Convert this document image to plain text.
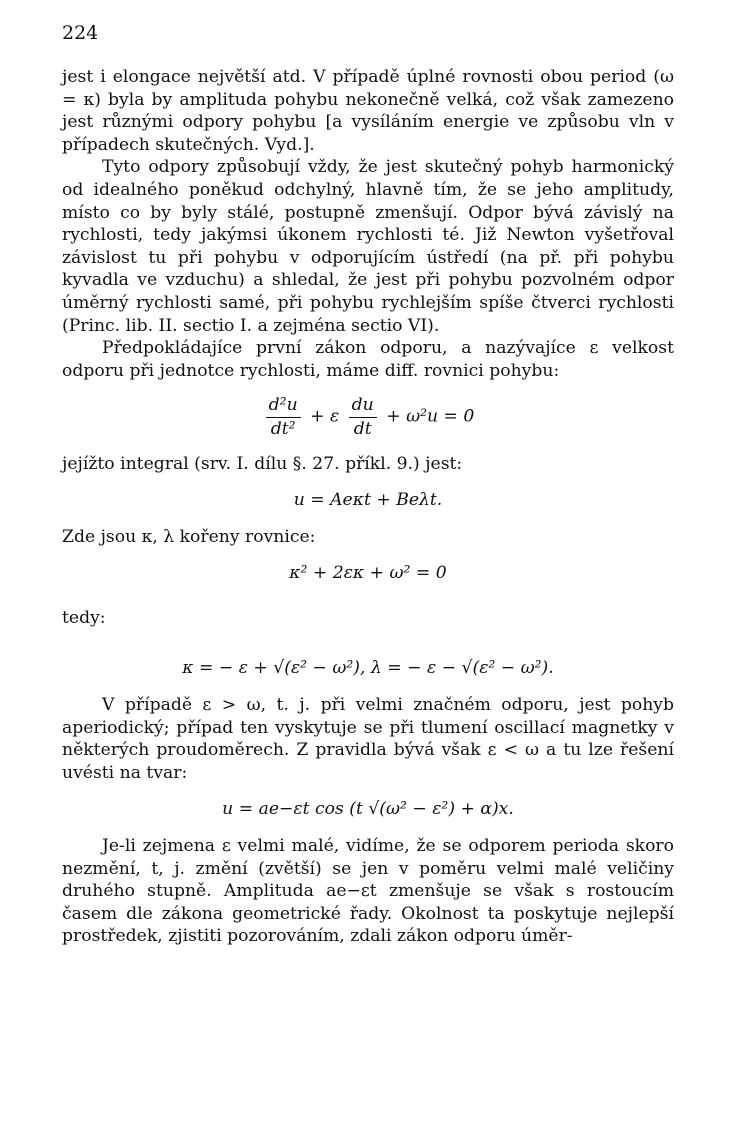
224

jest i elongace největší atd. V případě úplné rovnosti obou period (ω = κ) byla by amplituda pohybu nekonečně velká, což však zamezeno jest různými odpory pohybu [a vysíláním energie ve způsobu vln v případech skutečných. Vyd.].

Tyto odpory způsobují vždy, že jest skutečný pohyb harmonický od idealného poněkud odchylný, hlavně tím, že se jeho amplitudy, místo co by byly stálé, postupně zmenšují. Odpor bývá závislý na rychlosti, tedy jakýmsi úkonem rychlosti té. Již Newton vyšetřoval závislost tu při pohybu v odporujícím ústředí (na př. při pohybu kyvadla ve vzduchu) a shledal, že jest při pohybu pozvolném odpor úměrný rychlosti samé, při pohybu rychlejším spíše čtverci rychlosti (Princ. lib. II. sectio I. a zejména sectio VI).

Předpokládajíce první zákon odporu, a nazývajíce ε velkost odporu při jednotce rychlosti, máme diff. rovnici pohybu:

$\frac{\text{d²u}}{\text{dt²}} + \varepsilon \frac{du}{dt} + \omega^2u = 0$

jejížto integral (srv. I. dílu §. 27. příkl. 9.) jest:

u = Aeκt + Beλt.

Zde jsou κ, λ kořeny rovnice:

κ² + 2εκ + ω² = 0

tedy:

κ = − ε + √(ε² − ω²), λ = − ε − √(ε² − ω²).

V případě ε > ω, t. j. při velmi značném odporu, jest pohyb aperiodický; případ ten vyskytuje se při tlumení oscillací magnetky v některých proudoměrech. Z pravidla bývá však ε < ω a tu lze řešení uvésti na tvar:

u = ae−εt cos (t √(ω² − ε²) + α)x.

Je-li zejmena ε velmi malé, vidíme, že se odporem perioda skoro nezmění, t, j. změní (zvětší) se jen v poměru velmi malé veličiny druhého stupně. Amplituda ae−εt zmenšuje se však s rostoucím časem dle zákona geometrické řady. Okolnost ta poskytuje nejlepší prostředek, zjistiti pozorováním, zdali zákon odporu úměr-
